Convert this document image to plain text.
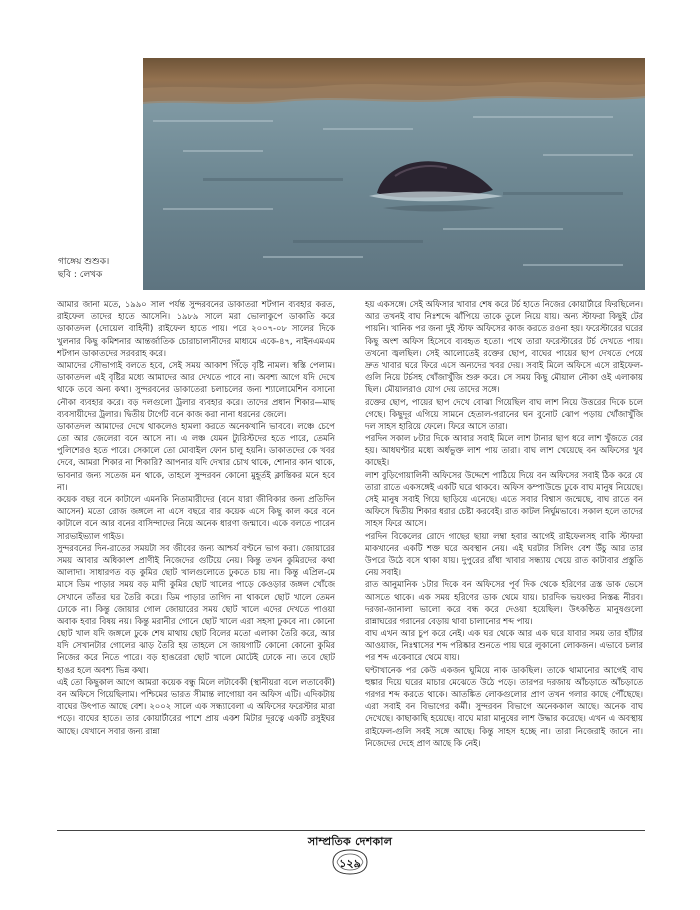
গাঙ্গেয় শুশুক।
ছবি : লেখক

আমার জানা মতে, ১৯৯০ সাল পর্যন্ত সুন্দরবনের ডাকাতরা শটগান ব্যবহার করত, রাইফেল তাদের হাতে আসেনি। ১৯৮৯ সালে মরা ভোলাকুপে ডাকাতি করে ডাকাতদল (দোয়েল বাহিনী) রাইফেল হাতে পায়। পরে ২০০৭-০৮ সালের দিকে খুলনার কিছু কমিশনার আন্তর্জাতিক চোরাচালানীদের মাধ্যমে একে-৪৭, নাইনএমএম শটগান ডাকাতদের সরবরাহ করে।

আমাদের সৌভাগ্যই বলতে হবে, সেই সময় আকাশ গিঁড়ে বৃষ্টি নামল। স্বস্তি পেলাম। ডাকাতদল এই বৃষ্টির মধ্যে আমাদের আর দেখতে পাবে না। অবশ্য আগে যদি দেখে থাকে তবে অন্য কথা। সুন্দরবনের ডাকাতেরা চলাচলের জন্য শ্যালোমেশিন বসানো নৌকা ব্যবহার করে। বড় দলগুলো ট্রলার ব্যবহার করে। তাদের প্রধান শিকার—মাছ ব্যবসায়ীদের ট্রলার। দ্বিতীয় টার্গেট বনে কাজ করা নানা ধরনের জেলে।

ডাকাতদল আমাদের দেখে থাকলেও হামলা করতে অনেকখানি ভাববে। লঞ্চে চেপে তো আর জেলেরা বনে আসে না। এ লঞ্চ যেমন ট্যুরিস্টদের হতে পারে, তেমনি পুলিশেরও হতে পারে। সেকালে তো মোবাইল ফোন চালু হয়নি। ডাকাতদের কে খবর দেবে, আমরা শিকার না শিকারি? আপনার যদি দেখার চোখ থাকে, শোনার কান থাকে, ভাবনার জন্য সতেজ মন থাকে, তাহলে সুন্দরবন কোনো মুহূর্তই ক্লান্তিকর মনে হবে না।

কয়েক বছর বনে কাটালে এমনকি নিতামারীদের (বনে যারা জীবিকার জন্য প্রতিদিন আসেন) মতো রোজ জঙ্গলে না এসে বছরে বার কয়েক এসে কিছু কাল করে বনে কাটালে বনে আর বনের বাসিন্দাদের নিয়ে অনেক ধারণা জন্মাবে। একে বলতে পারেন সারভাইভ্যাল গাইড।

সুন্দরবনের দিন-রাতের সময়টা সব জীবের জন্য আশ্চর্য বণ্টনে ভাগ করা। জোয়ারের সময় আবার অধিকাংশ প্রাণীই নিজেদের গুটিয়ে নেয়। কিন্তু তখন কুমিরদের কথা আলাদা। সাধারণত বড় কুমির ছোট খালগুলোতে ঢুকতে চায় না। কিন্তু এপ্রিল-মে মাসে ডিম পাড়ার সময় বড় মাদী কুমির ছোট খালের পাড়ে কেওড়ার জঙ্গল খোঁজে সেখানে তাঁতর ঘর তৈরি করে। ডিম পাড়ার তাগিদ না থাকলে ছোট খালে তেমন ঢোকে না। কিন্তু জোয়ার গোল জোয়ারের সময় ছোট খালে এদের দেখতে পাওয়া অবাক হবার বিষয় নয়। কিন্তু মরানীর গোনে ছোট খালে এরা সহসা ঢুকবে না। কোনো ছোট খাল যদি জঙ্গলে ঢুকে শেষ মাথায় ছোট বিলের মতো এলাকা তৈরি করে, আর যদি সেখানটার গোলের ঝাড় তৈরি হয় তাহলে সে জায়গাটি কোনো কোনো কুমির নিজের করে নিতে পারে। বড় হাঙরেরা ছোট খালে মোটেই ঢোকে না। তবে ছোট হাঙর হলে অবশ্য ভিন্ন কথা।

এই তো কিছুকাল আগে আমরা কয়েক বন্ধু মিলে লটাবেকী (স্থানীয়রা বলে লতাবেকী) বন অফিসে গিয়েছিলাম। পশ্চিমের ভারত সীমান্ত লাগোয়া বন অফিস এটি। এদিকটায় বাঘের উৎপাত আছে বেশ। ২০০২ সালে এক সন্ধ্যাবেলা এ অফিসের ফরেস্টার মারা পড়ে। বাঘের হাতে। তার কোয়ার্টারের পাশে প্রায় একশ মিটার দূরত্বে একটি রসুইঘর আছে। যেখানে সবার জন্য রান্না

হয় একসঙ্গে। সেই অফিসার খাবার শেষ করে টর্চ হাতে নিজের কোয়ার্টারে ফিরছিলেন। আর তখনই বাঘ নিঃশব্দে ঝাঁপিয়ে তাকে তুলে নিয়ে যায়। অন্য স্টাফরা কিছুই টের পায়নি। খানিক পর জনা দুই স্টাফ অফিসের কাজ করতে রওনা হয়। ফরেস্টারের ঘরের কিছু অংশ অফিস হিসেবে ব্যবহৃত হতো। পথে তারা ফরেস্টারের টর্চ দেখতে পায়। তখনো জ্বলছিল। সেই আলোতেই রক্তের ছোপ, বাঘের পায়ের ছাপ দেখতে পেয়ে দ্রুত খাবার ঘরে ফিরে এসে অন্যদের খবর দেয়। সবাই মিলে অফিসে এসে রাইফেল-গুলি নিয়ে টর্চসহ খোঁজাখুঁজি শুরু করে। সে সময় কিছু মৌয়াল নৌকা ওই এলাকায় ছিল। মৌয়ালরাও যোগ দেয় তাদের সঙ্গে।

রক্তের ছোপ, পায়ের ছাপ দেখে বোঝা গিয়েছিল বাঘ লাশ নিয়ে উত্তরের দিকে চলে গেছে। কিছুদূর এগিয়ে সামনে হেতাল-গরানের ঘন বুনোট ঝোপ পড়ায় খোঁজাখুঁজি দল সাহস হারিয়ে ফেলে। ফিরে আসে তারা।

পরদিন সকাল ৮টার দিকে আবার সবাই মিলে লাশ টানার ছাপ ধরে লাশ খুঁজতে বের হয়। আধঘণ্টার মধ্যে অর্ধভুক্ত লাশ পায় তারা। বাঘ লাশ খেয়েছে বন অফিসের খুব কাছেই।

লাশ বুড়িগোয়ালিনী অফিসের উদ্দেশে পাঠিয়ে দিয়ে বন অফিসের সবাই ঠিক করে যে তারা রাতে একসঙ্গেই একটি ঘরে থাকবে। অফিস কম্পাউন্ডে ঢুকে বাঘ মানুষ নিয়েছে। সেই মানুষ সবাই গিয়ে ছাড়িয়ে এনেছে। এতে সবার বিশ্বাস জন্মেছে, বাঘ রাতে বন অফিসে দ্বিতীয় শিকার ধরার চেষ্টা করবেই। রাত কাটল নির্ঘুমভাবে। সকাল হলে তাদের সাহস ফিরে আসে।

পরদিন বিকেলের রোদে গাছের ছায়া লম্বা হবার আগেই রাইফেলসহ বাকি স্টাফরা মাকখানের একটি শক্ত ঘরে অবস্থান নেয়। এই ঘরটার সিলিং বেশ উঁচু আর তার উপরে উঠে বসে থাকা যায়। দুপুরের রাঁধা খাবার সন্ধ্যায় খেয়ে রাত কাটাবার প্রস্তুতি নেয় সবাই।

রাত আনুমানিক ১টার দিকে বন অফিসের পূর্ব দিক থেকে হরিণের ত্রস্ত ডাক ভেসে আসতে থাকে। এক সময় হরিণের ডাক থেমে যায়। চারদিক ভয়ংকর নিস্তব্ধ নীরব। দরজা-জানালা ভালো করে বন্ধ করে দেওয়া হয়েছিল। উৎকণ্ঠিত মানুষগুলো রান্নাঘরের গরানের বেড়ায় থাবা চালানোর শব্দ পায়।

বাঘ এখন আর চুপ করে নেই। এক ঘর থেকে আর এক ঘরে যাবার সময় তার হাঁটার আওয়াজ, নিঃশ্বাসের শব্দ পরিষ্কার শুনতে পায় ঘরে লুকানো লোকজন। এভাবে চলার পর শব্দ একেবারে থেমে যায়।

ঘণ্টাখানেক পর কেউ একজন ঘুমিয়ে নাক ডাকছিল। তাকে থামানোর আগেই বাঘ হুঙ্কার দিয়ে ঘরের মাচার মেঝেতে উঠে পড়ে। তারপর দরজায় আঁচড়াতে আঁচড়াতে গরগর শব্দ করতে থাকে। আতঙ্কিত লোকগুলোর প্রাণ তখন গলার কাছে পৌঁছেছে। এরা সবাই বন বিভাগের কর্মী। সুন্দরবন বিভাগে অনেককাল আছে। অনেক বাঘ দেখেছে। কাছাকাছি হয়েছে। বাঘে মারা মানুষের লাশ উদ্ধার করেছে। এখন এ অবস্থায় রাইফেল-গুলি সবই সঙ্গে আছে। কিন্তু সাহস হচ্ছে না। তারা নিজেরাই জানে না। নিজেদের দেহে প্রাণ আছে কি নেই।

সাম্প্রতিক দেশকাল
১২৯
